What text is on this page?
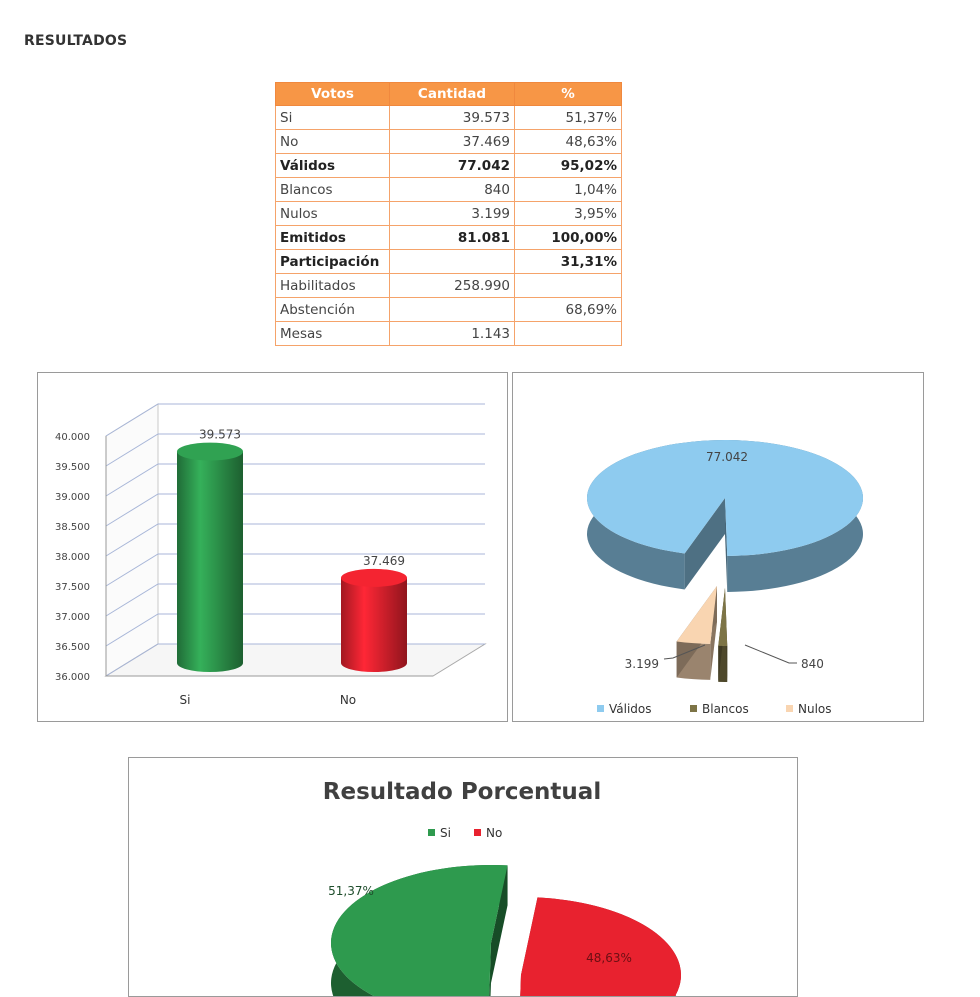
RESULTADOS
Votos	Cantidad	%
Si	39.573	51,37%
No	37.469	48,63%
Válidos	77.042	95,02%
Blancos	840	1,04%
Nulos	3.199	3,95%
Emitidos	81.081	100,00%
Participación		31,31%
Habilitados	258.990	
Abstención		68,69%
Mesas	1.143	
36.000
36.500
37.000
37.500
38.000
38.500
39.000
39.500
40.000	39.573
Si
37.469
No
77.042
3.199	840
Válidos	Blancos	Nulos
Resultado Porcentual
Si	No
51,37%
48,63%
